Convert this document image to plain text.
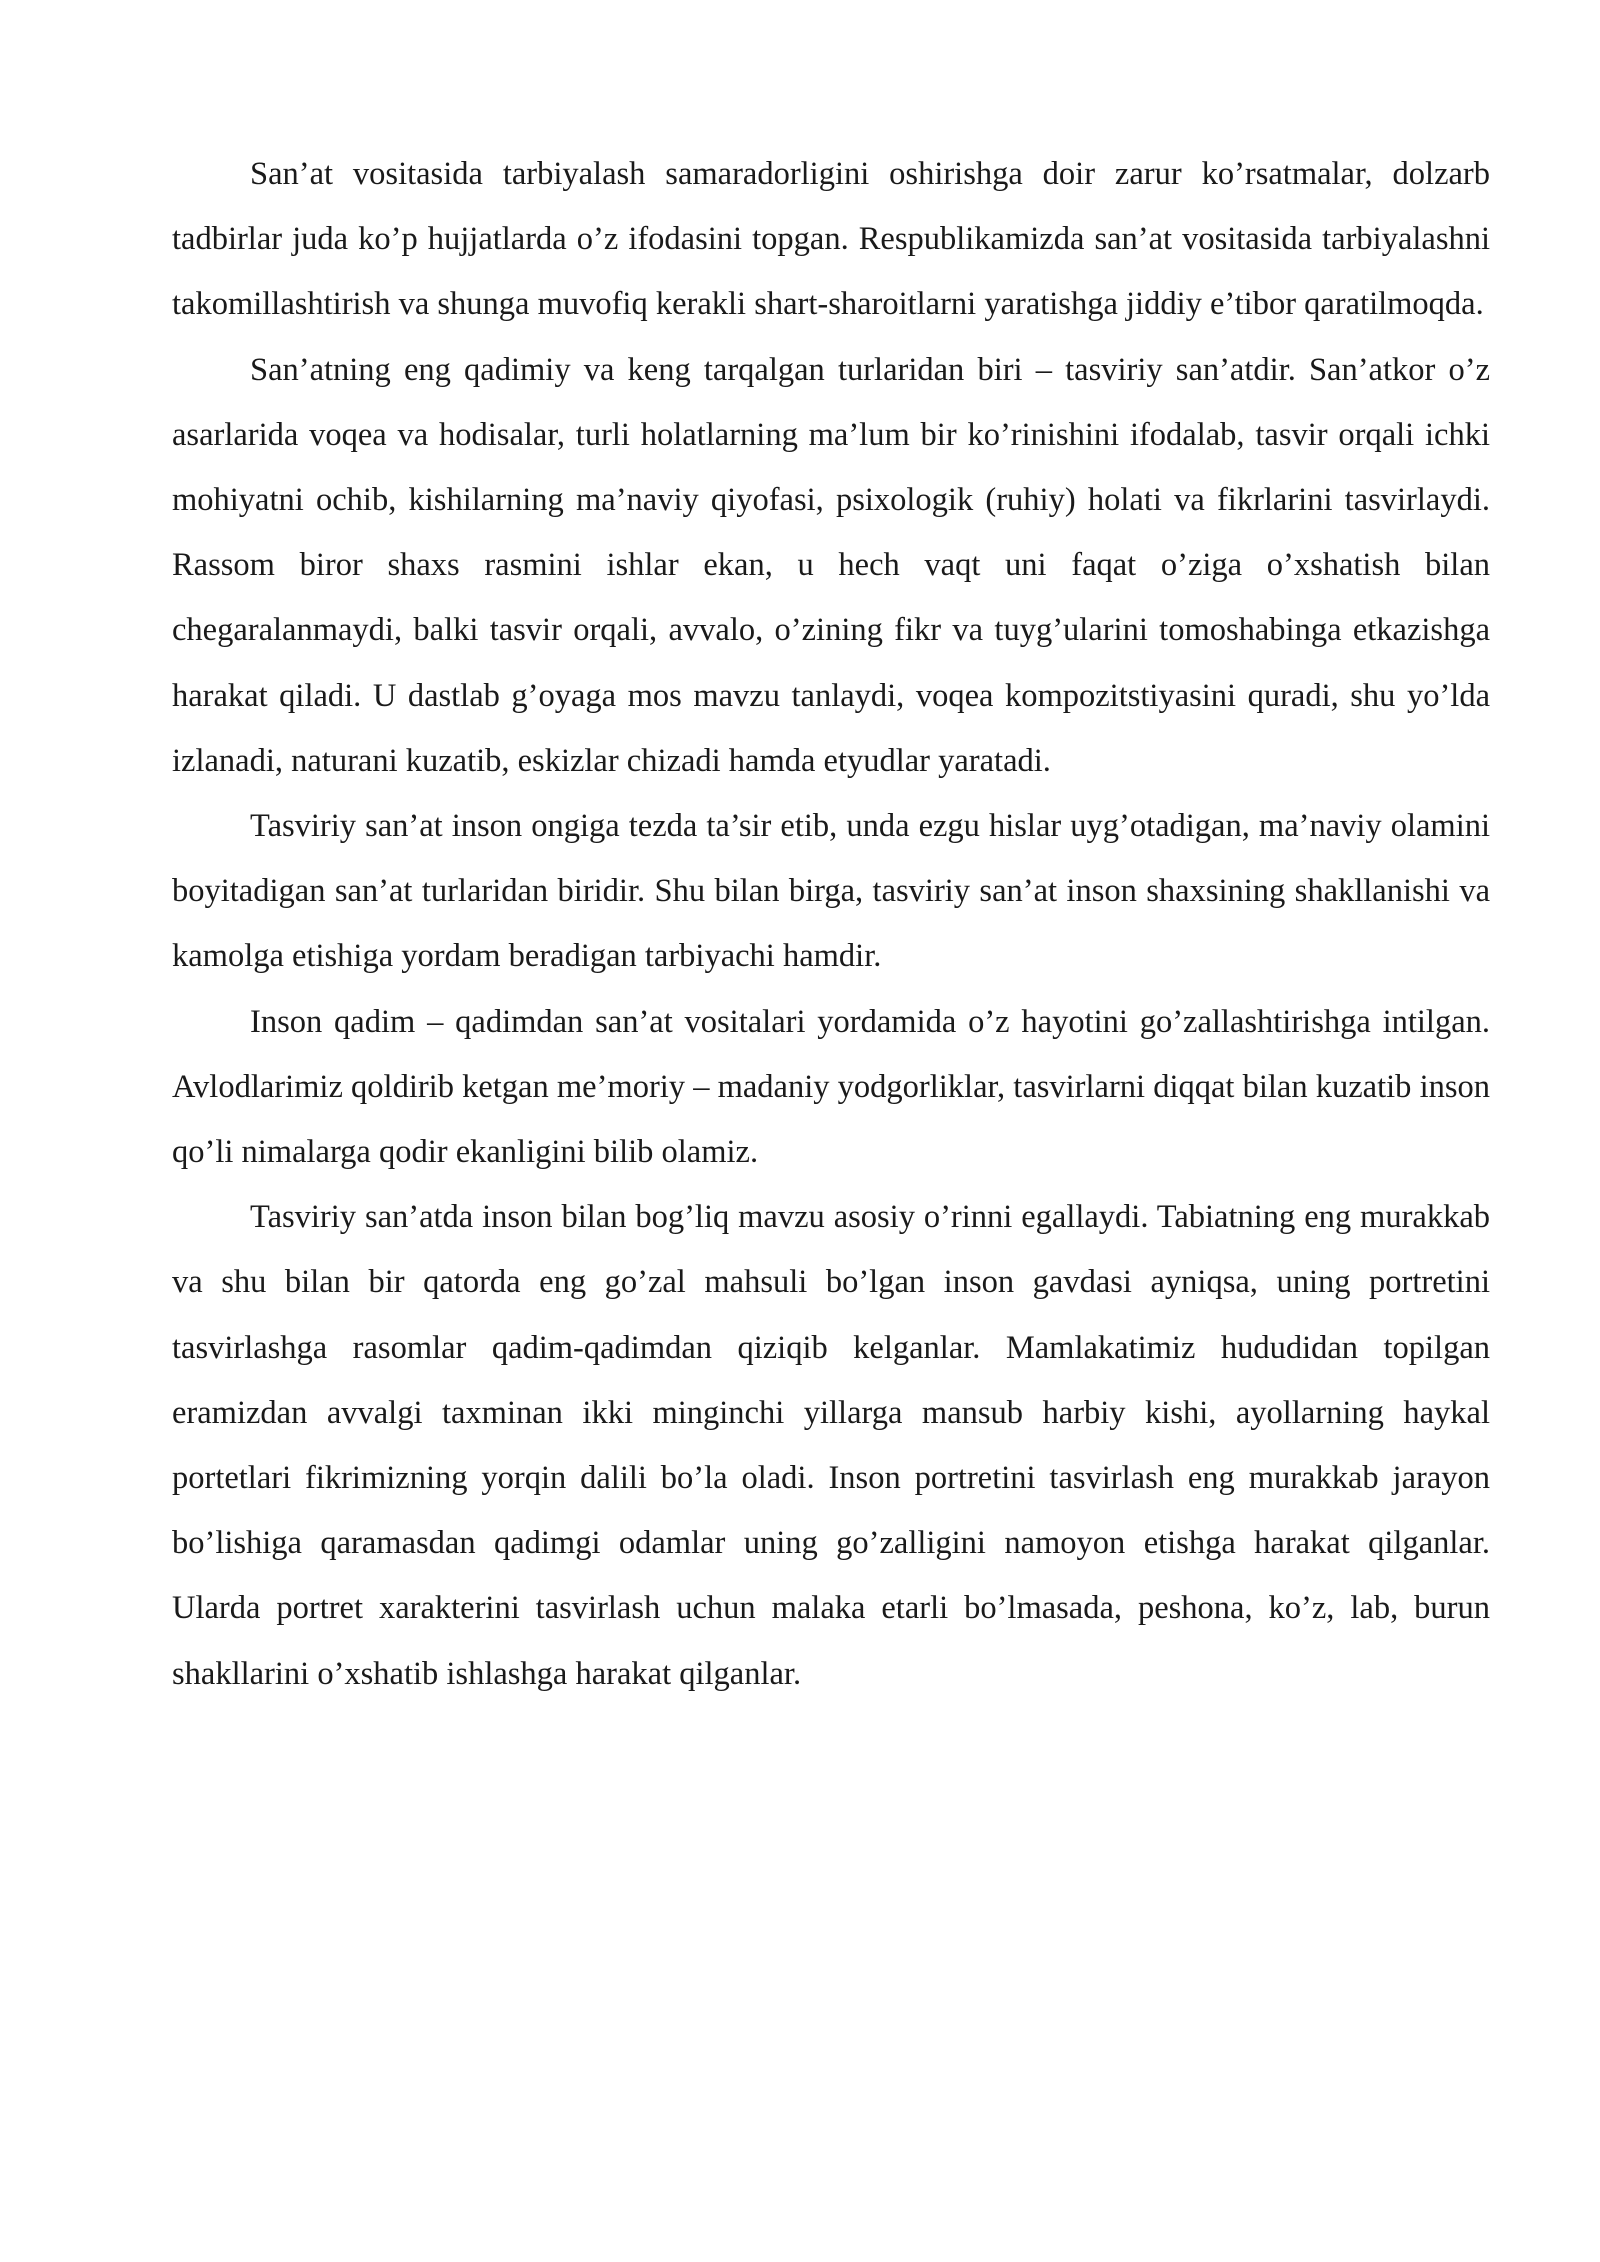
San’at vositasida tarbiyalash samaradorligini oshirishga doir zarur ko’rsatmalar, dolzarb tadbirlar juda ko’p hujjatlarda o’z ifodasini topgan. Respublikamizda san’at vositasida tarbiyalashni takomillashtirish va shunga muvofiq kerakli shart-sharoitlarni yaratishga jiddiy e’tibor qaratilmoqda.

San’atning eng qadimiy va keng tarqalgan turlaridan biri – tasviriy san’atdir. San’atkor o’z asarlarida voqea va hodisalar, turli holatlarning ma’lum bir ko’rinishini ifodalab, tasvir orqali ichki mohiyatni ochib, kishilarning ma’naviy qiyofasi, psixologik (ruhiy) holati va fikrlarini tasvirlaydi. Rassom biror shaxs rasmini ishlar ekan, u hech vaqt uni faqat o’ziga o’xshatish bilan chegaralanmaydi, balki tasvir orqali, avvalo, o’zining fikr va tuyg’ularini tomoshabinga etkazishga harakat qiladi. U dastlab g’oyaga mos mavzu tanlaydi, voqea kompozitstiyasini quradi, shu yo’lda izlanadi, naturani kuzatib, eskizlar chizadi hamda etyudlar yaratadi.

Tasviriy san’at inson ongiga tezda ta’sir etib, unda ezgu hislar uyg’otadigan, ma’naviy olamini boyitadigan san’at turlaridan biridir. Shu bilan birga, tasviriy san’at inson shaxsining shakllanishi va kamolga etishiga yordam beradigan tarbiyachi hamdir.

Inson qadim – qadimdan san’at vositalari yordamida o’z hayotini go’zallashtirishga intilgan. Avlodlarimiz qoldirib ketgan me’moriy – madaniy yodgorliklar, tasvirlarni diqqat bilan kuzatib inson qo’li nimalarga qodir ekanligini bilib olamiz.

Tasviriy san’atda inson bilan bog’liq mavzu asosiy o’rinni egallaydi. Tabiatning eng murakkab va shu bilan bir qatorda eng go’zal mahsuli bo’lgan inson gavdasi ayniqsa, uning portretini tasvirlashga rasomlar qadim-qadimdan qiziqib kelganlar. Mamlakatimiz hududidan topilgan eramizdan avvalgi taxminan ikki minginchi yillarga mansub harbiy kishi, ayollarning haykal portetlari fikrimizning yorqin dalili bo’la oladi. Inson portretini tasvirlash eng murakkab jarayon bo’lishiga qaramasdan qadimgi odamlar uning go’zalligini namoyon etishga harakat qilganlar. Ularda portret xarakterini tasvirlash uchun malaka etarli bo’lmasada, peshona, ko’z, lab, burun shakllarini o’xshatib ishlashga harakat qilganlar.
